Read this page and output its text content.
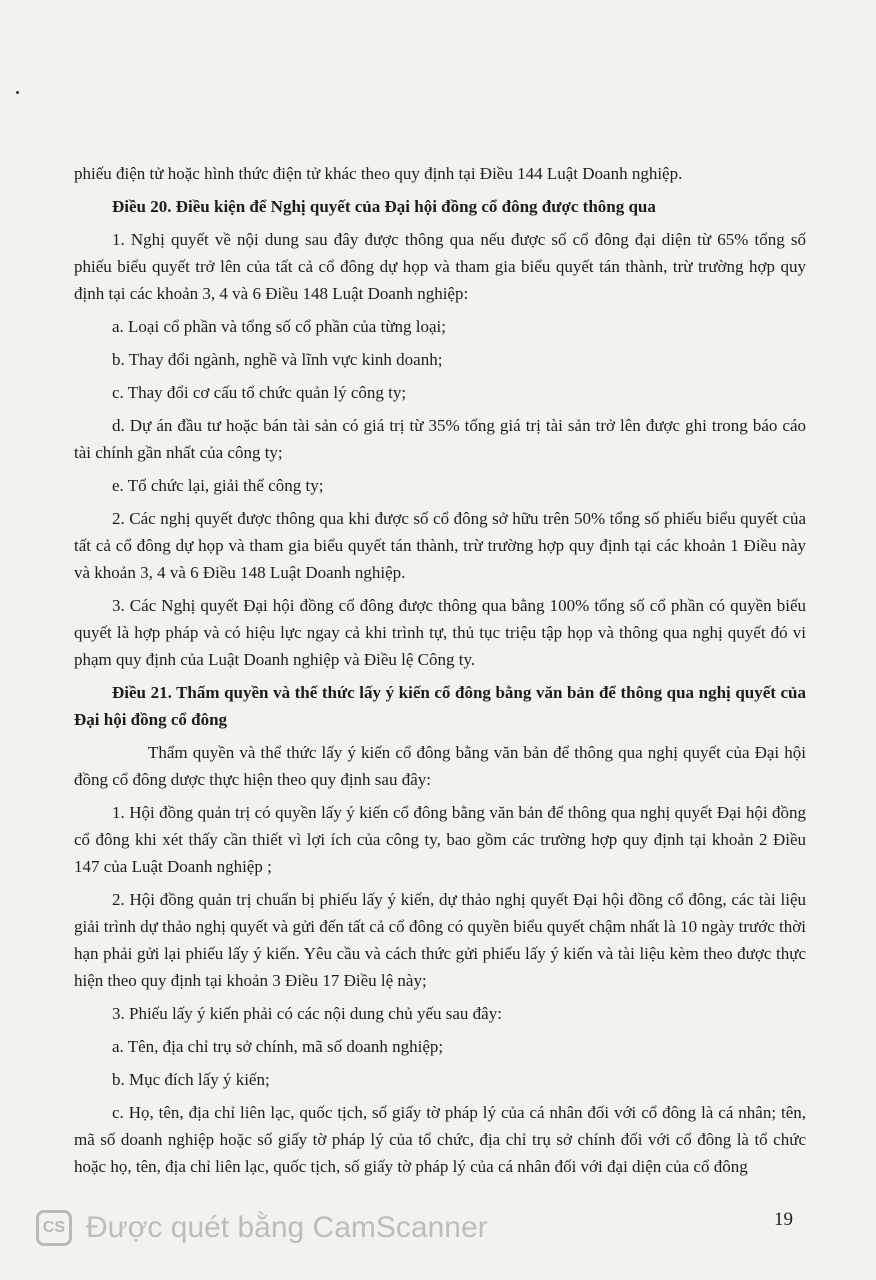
phiếu điện tử hoặc hình thức điện tử khác theo quy định tại Điều 144 Luật Doanh nghiệp.

Điều 20. Điều kiện để Nghị quyết của Đại hội đồng cổ đông được thông qua

1. Nghị quyết về nội dung sau đây được thông qua nếu được số cổ đông đại diện từ 65% tổng số phiếu biểu quyết trở lên của tất cả cổ đông dự họp và tham gia biểu quyết tán thành, trừ trường hợp quy định tại các khoản 3, 4 và 6 Điều 148 Luật Doanh nghiệp:

a. Loại cổ phần và tổng số cổ phần của từng loại;

b. Thay đổi ngành, nghề và lĩnh vực kinh doanh;

c. Thay đổi cơ cấu tổ chức quản lý công ty;

d. Dự án đầu tư hoặc bán tài sản có giá trị từ 35% tổng giá trị tài sản trở lên được ghi trong báo cáo tài chính gần nhất của công ty;

e. Tổ chức lại, giải thể công ty;

2. Các nghị quyết được thông qua khi được số cổ đông sở hữu trên 50% tổng số phiếu biểu quyết của tất cả cổ đông dự họp và tham gia biểu quyết tán thành, trừ trường hợp quy định tại các khoản 1 Điều này và khoản 3, 4 và 6 Điều 148 Luật Doanh nghiệp.

3. Các Nghị quyết Đại hội đồng cổ đông được thông qua bằng 100% tổng số cổ phần có quyền biểu quyết là hợp pháp và có hiệu lực ngay cả khi trình tự, thủ tục triệu tập họp và thông qua nghị quyết đó vi phạm quy định của Luật Doanh nghiệp và Điều lệ Công ty.

Điều 21. Thẩm quyền và thể thức lấy ý kiến cổ đông bằng văn bản để thông qua nghị quyết của Đại hội đồng cổ đông

Thẩm quyền và thể thức lấy ý kiến cổ đông bằng văn bản để thông qua nghị quyết của Đại hội đồng cổ đông dược thực hiện theo quy định sau đây:

1. Hội đồng quản trị có quyền lấy ý kiến cổ đông bằng văn bản để thông qua nghị quyết Đại hội đồng cổ đông khi xét thấy cần thiết vì lợi ích của công ty, bao gồm các trường hợp quy định tại khoản 2 Điều 147 của Luật Doanh nghiệp ;

2. Hội đồng quản trị chuẩn bị phiếu lấy ý kiến, dự thảo nghị quyết Đại hội đồng cổ đông, các tài liệu giải trình dự thảo nghị quyết và gửi đến tất cả cổ đông có quyền biểu quyết chậm nhất là 10 ngày trước thời hạn phải gửi lại phiếu lấy ý kiến. Yêu cầu và cách thức gửi phiếu lấy ý kiến và tài liệu kèm theo được thực hiện theo quy định tại khoản 3 Điều 17 Điều lệ này;

3. Phiếu lấy ý kiến phải có các nội dung chủ yếu sau đây:

a. Tên, địa chỉ trụ sở chính, mã số doanh nghiệp;

b. Mục đích lấy ý kiến;

c. Họ, tên, địa chỉ liên lạc, quốc tịch, số giấy tờ pháp lý của cá nhân đối với cổ đông là cá nhân; tên, mã số doanh nghiệp hoặc số giấy tờ pháp lý của tổ chức, địa chỉ trụ sở chính đối với cổ đông là tổ chức hoặc họ, tên, địa chỉ liên lạc, quốc tịch, số giấy tờ pháp lý của cá nhân đối với đại diện của cổ đông

CS Được quét bằng CamScanner	19
